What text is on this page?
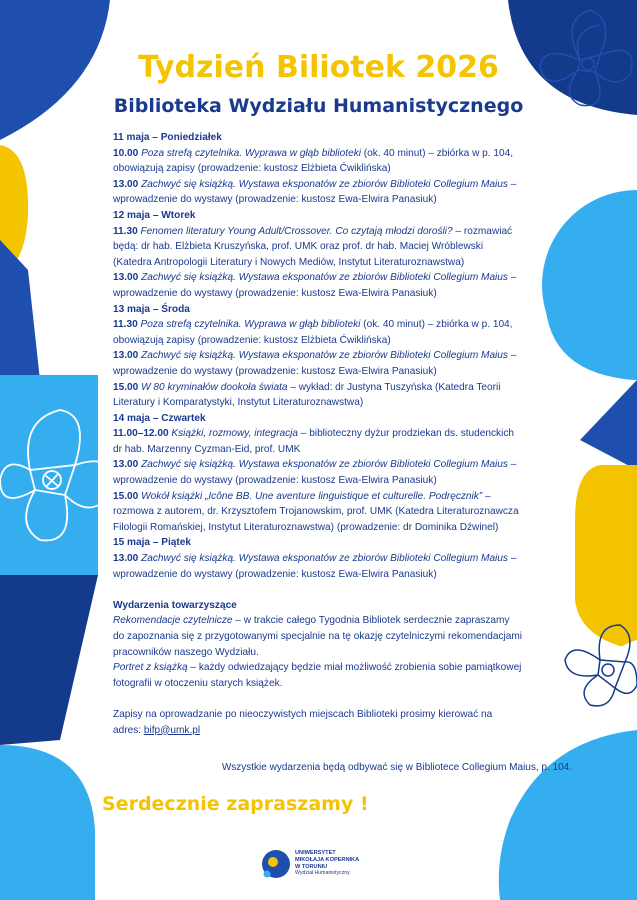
Tydzień Biliotek 2026
Biblioteka Wydziału Humanistycznego
11 maja – Poniedziałek
10.00 Poza strefą czytelnika. Wyprawa w głąb biblioteki (ok. 40 minut) – zbiórka w p. 104, obowiązują zapisy (prowadzenie: kustosz Elżbieta Ćwiklińska)
13.00 Zachwyć się książką. Wystawa eksponatów ze zbiorów Biblioteki Collegium Maius – wprowadzenie do wystawy (prowadzenie: kustosz Ewa-Elwira Panasiuk)
12 maja – Wtorek
11.30 Fenomen literatury Young Adult/Crossover. Co czytają młodzi dorośli? – rozmawiać będą: dr hab. Elżbieta Kruszyńska, prof. UMK oraz prof. dr hab. Maciej Wróblewski (Katedra Antropologii Literatury i Nowych Mediów, Instytut Literaturoznawstwa)
13.00 Zachwyć się książką. Wystawa eksponatów ze zbiorów Biblioteki Collegium Maius – wprowadzenie do wystawy (prowadzenie: kustosz Ewa-Elwira Panasiuk)
13 maja – Środa
11.30 Poza strefą czytelnika. Wyprawa w głąb biblioteki (ok. 40 minut) – zbiórka w p. 104, obowiązują zapisy (prowadzenie: kustosz Elżbieta Ćwiklińska)
13.00 Zachwyć się książką. Wystawa eksponatów ze zbiorów Biblioteki Collegium Maius – wprowadzenie do wystawy (prowadzenie: kustosz Ewa-Elwira Panasiuk)
15.00 W 80 kryminałów dookoła świata – wykład: dr Justyna Tuszyńska (Katedra Teorii Literatury i Komparatystyki, Instytut Literaturoznawstwa)
14 maja – Czwartek
11.00–12.00 Książki, rozmowy, integracja – biblioteczny dyżur prodziekan ds. studenckich dr hab. Marzenny Cyzman-Eid, prof. UMK
13.00 Zachwyć się książką. Wystawa eksponatów ze zbiorów Biblioteki Collegium Maius – wprowadzenie do wystawy (prowadzenie: kustosz Ewa-Elwira Panasiuk)
15.00 Wokół książki „Icône BB. Une aventure linguistique et culturelle. Podręcznik” – rozmowa z autorem, dr. Krzysztofem Trojanowskim, prof. UMK (Katedra Literaturoznawcza Filologii Romańskiej, Instytut Literaturoznawstwa) (prowadzenie: dr Dominika Dźwinel)
15 maja – Piątek
13.00 Zachwyć się książką. Wystawa eksponatów ze zbiorów Biblioteki Collegium Maius – wprowadzenie do wystawy (prowadzenie: kustosz Ewa-Elwira Panasiuk)
Wydarzenia towarzyszące
Rekomendacje czytelnicze – w trakcie całego Tygodnia Bibliotek serdecznie zapraszamy do zapoznania się z przygotowanymi specjalnie na tę okazję czytelniczymi rekomendacjami pracowników naszego Wydziału.
Portret z książką – każdy odwiedzający będzie miał możliwość zrobienia sobie pamiątkowej fotografii w otoczeniu starych książek.
Zapisy na oprowadzanie po nieoczywistych miejscach Biblioteki prosimy kierować na adres: bifp@umk.pl
Wszystkie wydarzenia będą odbywać się w Bibliotece Collegium Maius, p. 104.
Serdecznie zapraszamy !
UNIWERSYTET
MIKOŁAJA KOPERNIKA
W TORUNIU
Wydział Humanistyczny
